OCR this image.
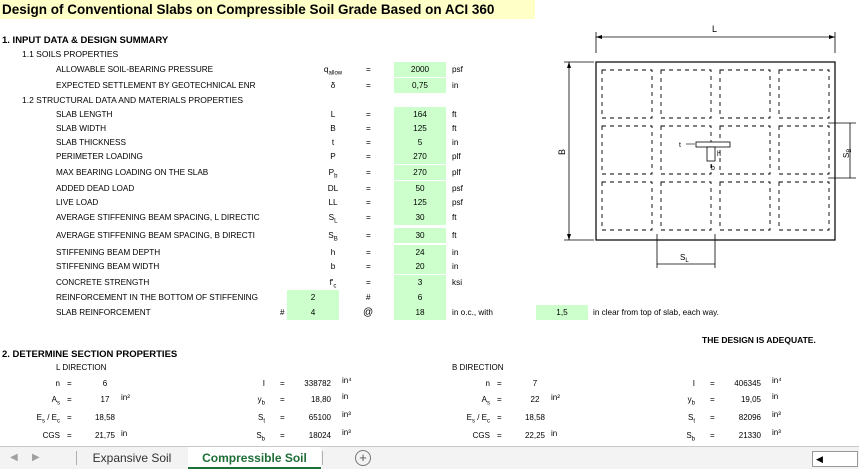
Design of Conventional Slabs on Compressible Soil Grade Based on ACI 360
1. INPUT DATA & DESIGN SUMMARY
1.1 SOILS PROPERTIES
1.2 STRUCTURAL DATA AND MATERIALS PROPERTIES
ALLOWABLE SOIL-BEARING PRESSURE	$q_{allow}$	=	2000	psf
EXPECTED SETTLEMENT BY GEOTECHNICAL ENR	δ	=	0,75	in
SLAB LENGTH	L	=	164	ft
SLAB WIDTH	B	=	125	ft
SLAB THICKNESS	t	=	5	in
PERIMETER LOADING	P	=	270	plf
MAX BEARING LOADING ON THE SLAB	$P_b$	=	270	plf
ADDED DEAD LOAD	DL	=	50	psf
LIVE LOAD	LL	=	125	psf
AVERAGE STIFFENING BEAM SPACING, L DIRECTIC	$S_L$	=	30	ft
AVERAGE STIFFENING BEAM SPACING, B DIRECTI​	$S_B$	=	30	ft
STIFFENING BEAM DEPTH	h	=	24	in
STIFFENING BEAM WIDTH	b	=	20	in
CONCRETE STRENGTH	$f'_c$	=	3	ksi
REINFORCEMENT IN THE BOTTOM OF STIFFENING	2	#	6
SLAB REINFORCEMENT	#	4	@	18	in o.c., with	1,5	in clear from top of slab, each way.
THE DESIGN IS ADEQUATE.
2. DETERMINE SECTION PROPERTIES
L DIRECTION
n =	6
$A_s$ =	17	in²
$E_s / E_c$ =	18,58
CGS =	21,75 in
I =	338782 in⁴
$y_b$ =	18,80 in
$S_t$ =	65100 in³
$S_b$ =	18024 in³
B DIRECTION
n =	7
$A_s$ =	22	in²
$E_s / E_c$ =	18,58
CGS =	22,25 in
I =	406345 in⁴
$y_b$ =	19,05 in
$S_t$ =	82096 in³
$S_b$ =	21330 in³
L
B
$S_B$
$S_L$
t
h
b
◀ ▶	Expansive Soil	Compressible Soil	+	◀
